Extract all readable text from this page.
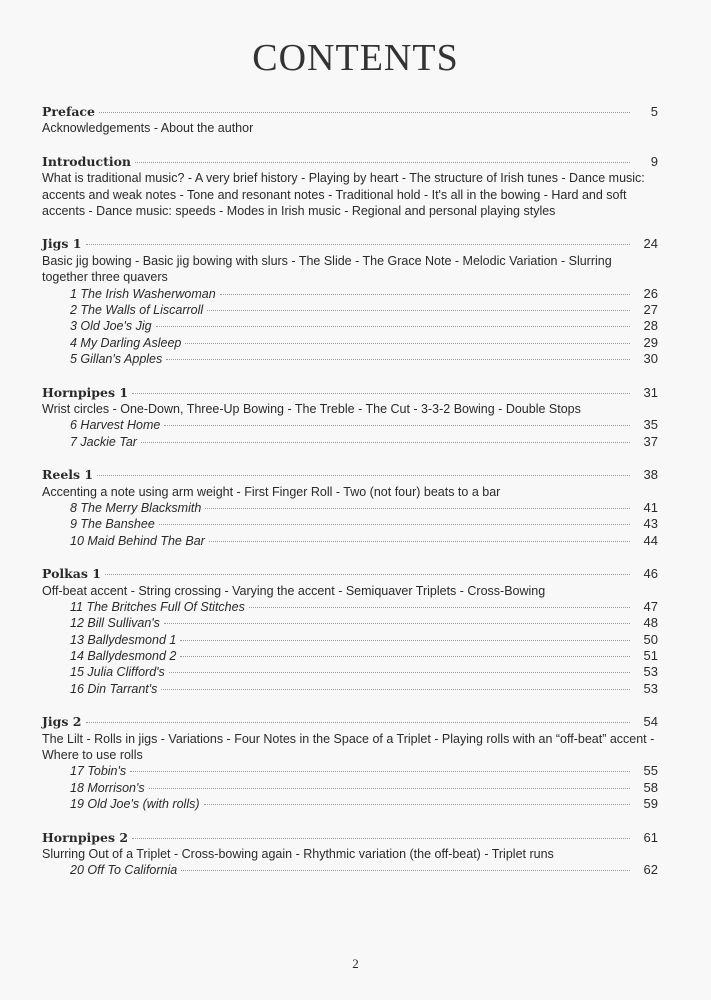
CONTENTS
Preface	5
Acknowledgements - About the author
Introduction	9
What is traditional music? - A very brief history - Playing by heart - The structure of Irish tunes - Dance music: accents and weak notes - Tone and resonant notes - Traditional hold - It's all in the bowing - Hard and soft accents - Dance music: speeds - Modes in Irish music - Regional and personal playing styles
Jigs 1	24
Basic jig bowing - Basic jig bowing with slurs - The Slide - The Grace Note - Melodic Variation - Slurring together three quavers
1 The Irish Washerwoman	26
2 The Walls of Liscarroll	27
3 Old Joe's Jig	28
4 My Darling Asleep	29
5 Gillan's Apples	30
Hornpipes 1	31
Wrist circles - One-Down, Three-Up Bowing - The Treble - The Cut - 3-3-2 Bowing - Double Stops
6 Harvest Home	35
7 Jackie Tar	37
Reels 1	38
Accenting a note using arm weight - First Finger Roll - Two (not four) beats to a bar
8 The Merry Blacksmith	41
9 The Banshee	43
10 Maid Behind The Bar	44
Polkas 1	46
Off-beat accent - String crossing - Varying the accent - Semiquaver Triplets - Cross-Bowing
11 The Britches Full Of Stitches	47
12 Bill Sullivan's	48
13 Ballydesmond 1	50
14 Ballydesmond 2	51
15 Julia Clifford's	53
16 Din Tarrant's	53
Jigs 2	54
The Lilt - Rolls in jigs - Variations - Four Notes in the Space of a Triplet - Playing rolls with an “off-beat” accent - Where to use rolls
17 Tobin's	55
18 Morrison's	58
19 Old Joe's (with rolls)	59
Hornpipes 2	61
Slurring Out of a Triplet - Cross-bowing again - Rhythmic variation (the off-beat) - Triplet runs
20 Off To California	62
2
